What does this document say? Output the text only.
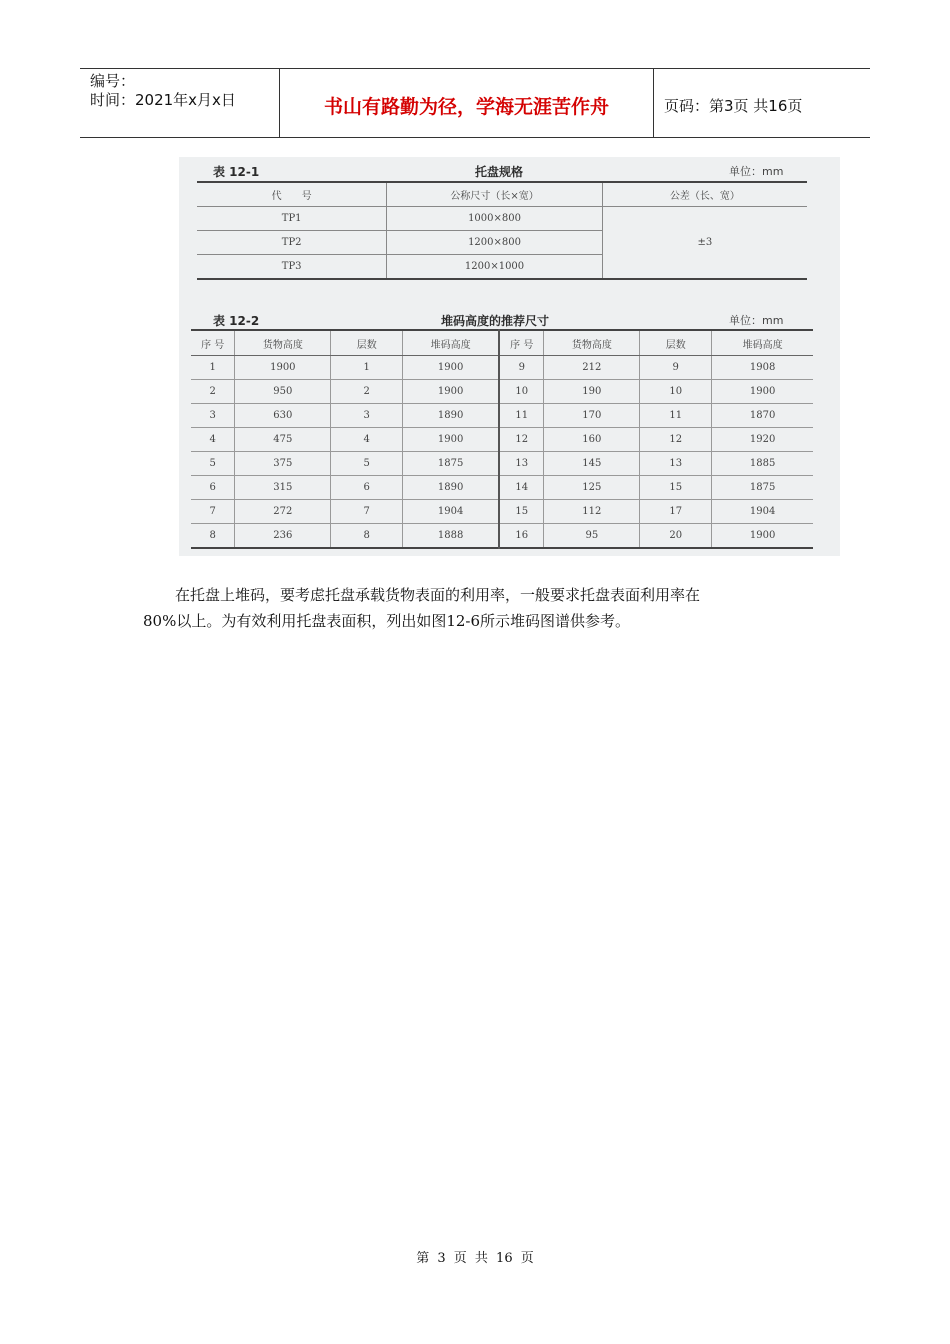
编号：
时间：2021年x月x日	书山有路勤为径，学海无涯苦作舟	页码：第3页 共16页
表 12-1	托盘规格	单位：mm
代　　号	公称尺寸（长×宽）	公差（长、宽）
TP1	1000×800	±3
TP2	1200×800	
TP3	1200×1000	
表 12-2	堆码高度的推荐尺寸	单位：mm
序 号	货物高度	层数	堆码高度	序 号	货物高度	层数	堆码高度
1	1900	1	1900	9	212	9	1908
2	950	2	1900	10	190	10	1900
3	630	3	1890	11	170	11	1870
4	475	4	1900	12	160	12	1920
5	375	5	1875	13	145	13	1885
6	315	6	1890	14	125	15	1875
7	272	7	1904	15	112	17	1904
8	236	8	1888	16	95	20	1900
在托盘上堆码，要考虑托盘承载货物表面的利用率，一般要求托盘表面利用率在
80%以上。为有效利用托盘表面积，列出如图12-6所示堆码图谱供参考。
第 3 页 共 16 页
